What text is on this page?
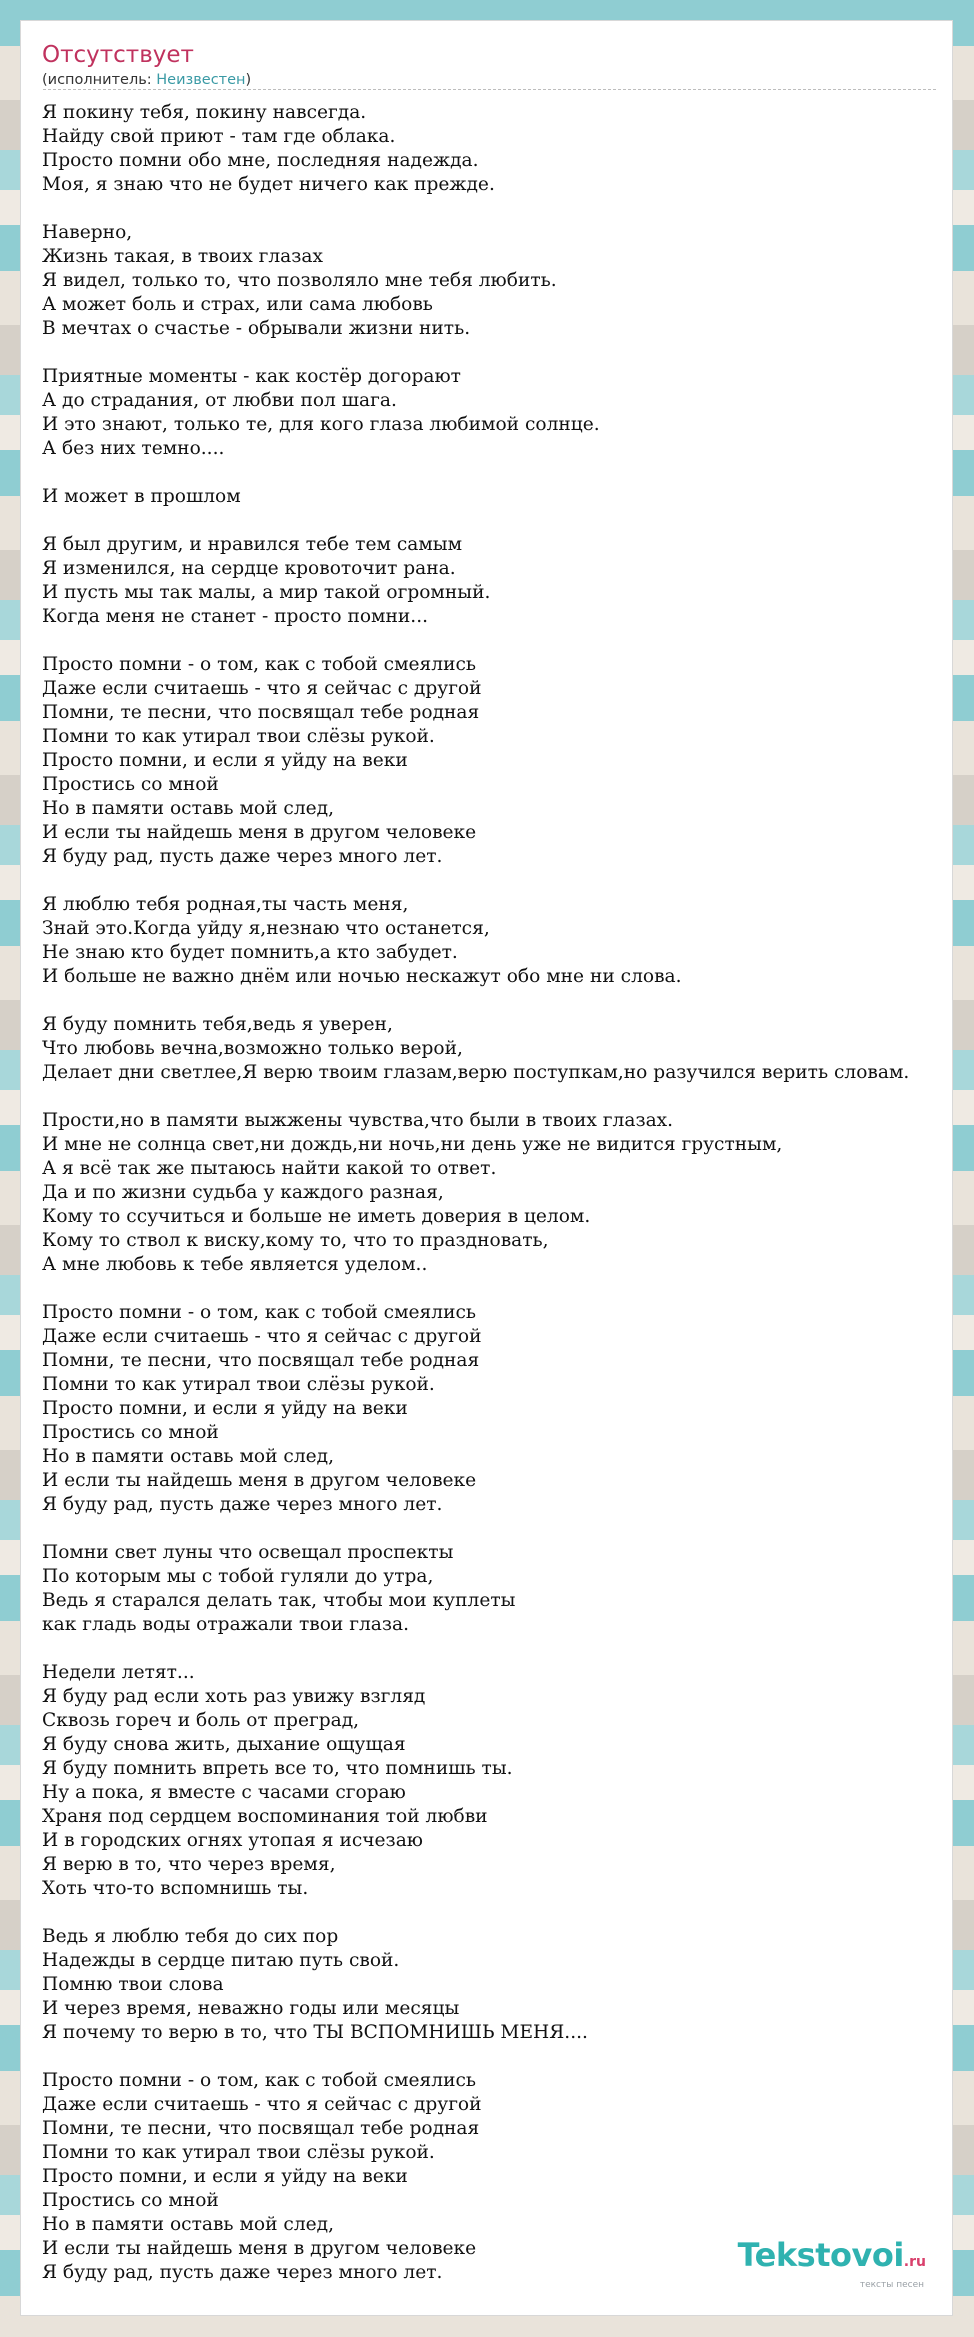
Отсутствует
(исполнитель: Неизвестен)
Я покину тебя, покину навсегда.
Найду свой приют - там где облака.
Просто помни обо мне, последняя надежда.
Моя, я знаю что не будет ничего как прежде.

Наверно,
Жизнь такая, в твоих глазах
Я видел, только то, что позволяло мне тебя любить.
А может боль и страх, или сама любовь
В мечтах о счастье - обрывали жизни нить.

Приятные моменты - как костёр догорают
А до страдания, от любви пол шага.
И это знают, только те, для кого глаза любимой солнце.
А без них темно....

И может в прошлом

Я был другим, и нравился тебе тем самым
Я изменился, на сердце кровоточит рана.
И пусть мы так малы, а мир такой огромный.
Когда меня не станет - просто помни...

Просто помни - о том, как с тобой смеялись
Даже если считаешь - что я сейчас с другой
Помни, те песни, что посвящал тебе родная
Помни то как утирал твои слёзы рукой.
Просто помни, и если я уйду на веки
Простись со мной
Но в памяти оставь мой след,
И если ты найдешь меня в другом человеке
Я буду рад, пусть даже через много лет.

Я люблю тебя родная,ты часть меня,
Знай это.Когда уйду я,незнаю что останется,
Не знаю кто будет помнить,а кто забудет.
И больше не важно днём или ночью нескажут обо мне ни слова.

Я буду помнить тебя,ведь я уверен,
Что любовь вечна,возможно только верой,
Делает дни светлее,Я верю твоим глазам,верю поступкам,но разучился верить словам.

Прости,но в памяти выжжены чувства,что были в твоих глазах.
И мне не солнца свет,ни дождь,ни ночь,ни день уже не видится грустным,
А я всё так же пытаюсь найти какой то ответ.
Да и по жизни судьба у каждого разная,
Кому то ссучиться и больше не иметь доверия в целом.
Кому то ствол к виску,кому то, что то праздновать,
А мне любовь к тебе является уделом..

Просто помни - о том, как с тобой смеялись
Даже если считаешь - что я сейчас с другой
Помни, те песни, что посвящал тебе родная
Помни то как утирал твои слёзы рукой.
Просто помни, и если я уйду на веки
Простись со мной
Но в памяти оставь мой след,
И если ты найдешь меня в другом человеке
Я буду рад, пусть даже через много лет.

Помни свет луны что освещал проспекты
По которым мы с тобой гуляли до утра,
Ведь я старался делать так, чтобы мои куплеты
как гладь воды отражали твои глаза.

Недели летят...
Я буду рад если хоть раз увижу взгляд
Сквозь гореч и боль от преград,
Я буду снова жить, дыхание ощущая
Я буду помнить впреть все то, что помнишь ты.
Ну а пока, я вместе с часами сгораю
Храня под сердцем воспоминания той любви
И в городских огнях утопая я исчезаю
Я верю в то, что через время,
Хоть что-то вспомнишь ты.

Ведь я люблю тебя до сих пор
Надежды в сердце питаю путь свой.
Помню твои слова
И через время, неважно годы или месяцы
Я почему то верю в то, что ТЫ ВСПОМНИШЬ МЕНЯ....

Просто помни - о том, как с тобой смеялись
Даже если считаешь - что я сейчас с другой
Помни, те песни, что посвящал тебе родная
Помни то как утирал твои слёзы рукой.
Просто помни, и если я уйду на веки
Простись со мной
Но в памяти оставь мой след,
И если ты найдешь меня в другом человеке
Я буду рад, пусть даже через много лет.	Tekstovoi.ru
тексты песен
